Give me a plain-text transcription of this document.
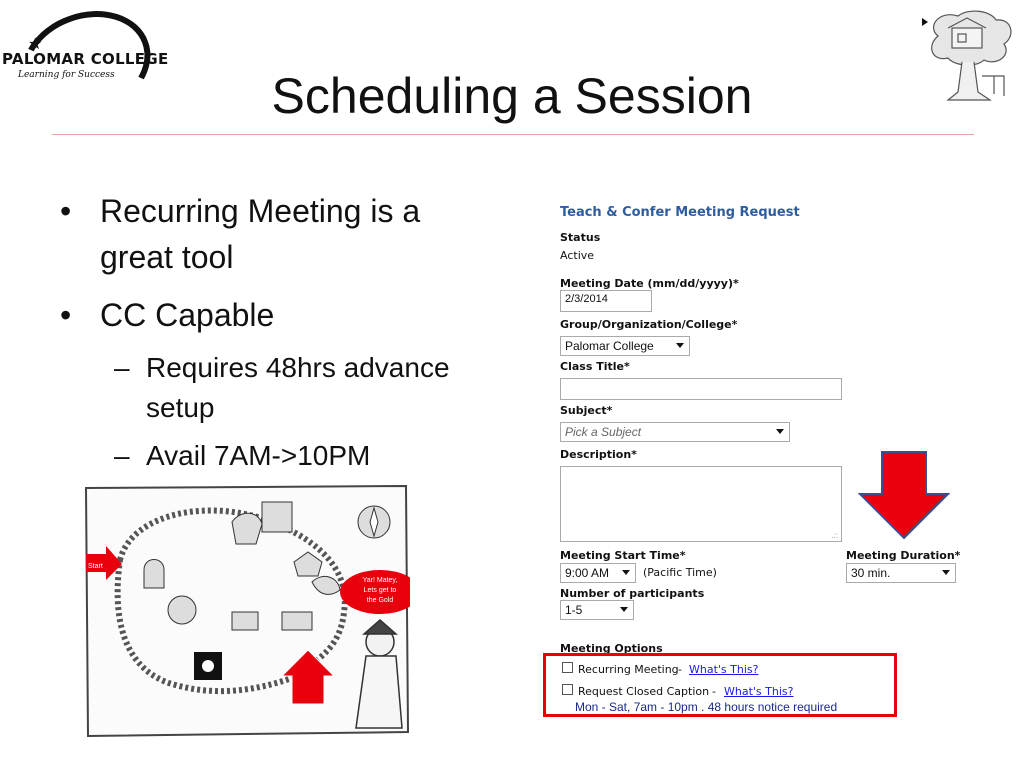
★
PALOMAR COLLEGE
Learning for Success	Scheduling a Session
• Recurring Meeting is a
great tool
• CC Capable
– Requires 48hrs advance
setup
– Avail 7AM->10PM
Start
Yar! Matey,
Lets get to
the Gold
Teach & Confer Meeting Request
Status
Active
Meeting Date (mm/dd/yyyy)*
2/3/2014
Group/Organization/College*
Palomar College
Class Title*
Subject*
Pick a Subject
Description*
.::
Meeting Start Time*
9:00 AM	(Pacific Time)
Meeting Duration*
30 min.
Number of participants
1-5
Meeting Options
Recurring Meeting - What's This?
Request Closed Caption - What's This?
Mon - Sat, 7am - 10pm . 48 hours notice required
